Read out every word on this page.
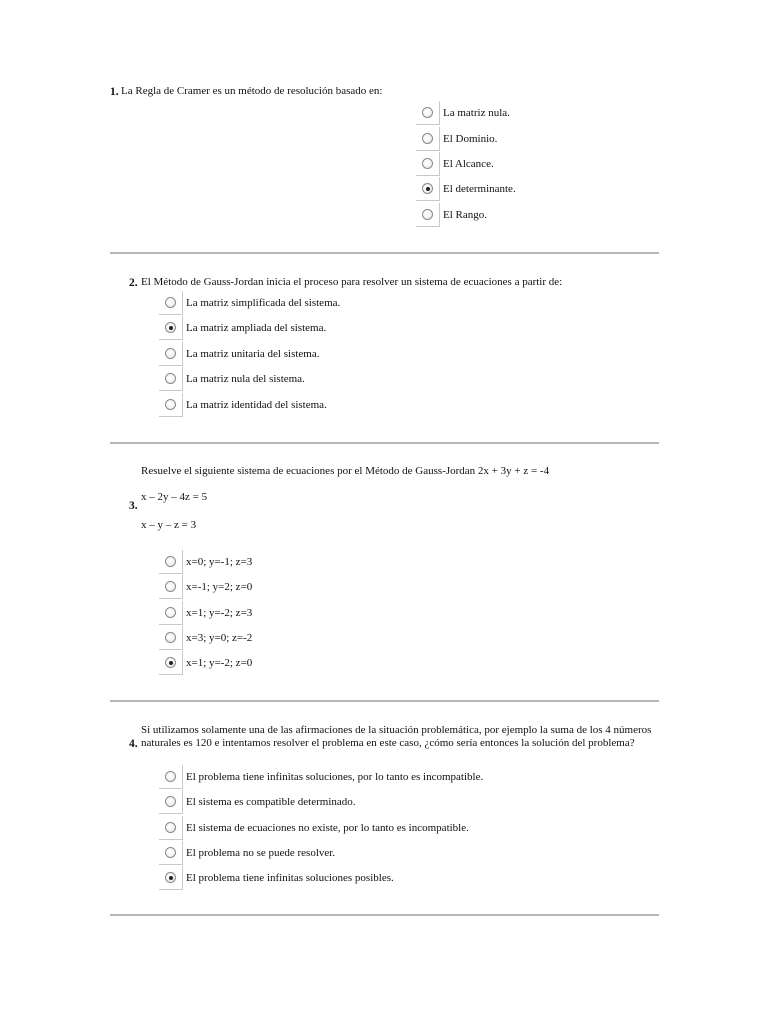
1. La Regla de Cramer es un método de resolución basado en:
La matriz nula.
El Dominio.
El Alcance.
El determinante.
El Rango.
2. El Método de Gauss-Jordan inicia el proceso para resolver un sistema de ecuaciones a partir de:
La matriz simplificada del sistema.
La matriz ampliada del sistema.
La matriz unitaria del sistema.
La matriz nula del sistema.
La matriz identidad del sistema.
Resuelve el siguiente sistema de ecuaciones por el Método de Gauss-Jordan 2x + 3y + z = -4
3.
x – 2y – 4z = 5
x – y – z = 3
x=0; y=-1; z=3
x=-1; y=2; z=0
x=1; y=-2; z=3
x=3; y=0; z=-2
x=1; y=-2; z=0
4.
Si utilizamos solamente una de las afirmaciones de la situación problemática, por ejemplo la suma de los 4 números naturales es 120 e intentamos resolver el problema en este caso, ¿cómo sería entonces la solución del problema?
El problema tiene infinitas soluciones, por lo tanto es incompatible.
El sistema es compatible determinado.
El sistema de ecuaciones no existe, por lo tanto es incompatible.
El problema no se puede resolver.
El problema tiene infinitas soluciones posibles.
